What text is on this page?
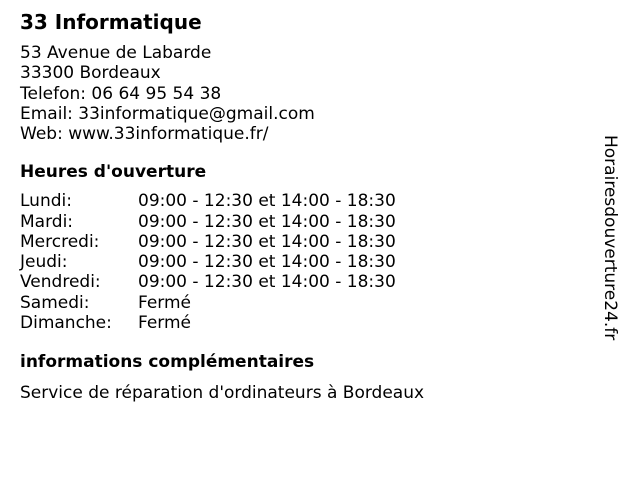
33 Informatique
53 Avenue de Labarde
33300 Bordeaux
Telefon: 06 64 95 54 38
Email: 33informatique@gmail.com
Web: www.33informatique.fr/
Heures d'ouverture
Lundi:	09:00 - 12:30 et 14:00 - 18:30
Mardi:	09:00 - 12:30 et 14:00 - 18:30
Mercredi:	09:00 - 12:30 et 14:00 - 18:30
Jeudi:	09:00 - 12:30 et 14:00 - 18:30
Vendredi:	09:00 - 12:30 et 14:00 - 18:30
Samedi:	Fermé
Dimanche:	Fermé
informations complémentaires
Service de réparation d'ordinateurs à Bordeaux
Horairesdouverture24.fr
